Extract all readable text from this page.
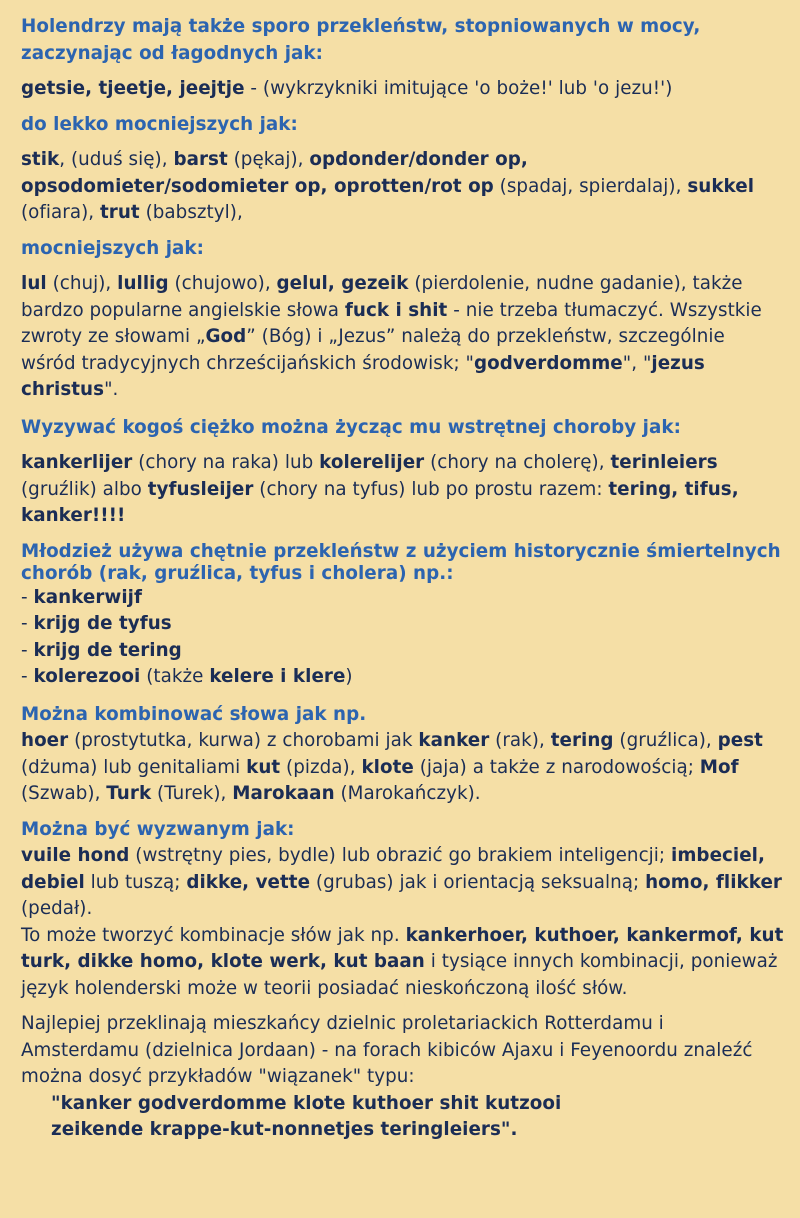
Holendrzy mają także sporo przekleństw, stopniowanych w mocy, zaczynając od łagodnych jak:

getsie, tjeetje, jeejtje - (wykrzykniki imitujące 'o boże!' lub 'o jezu!')

do lekko mocniejszych jak:

stik, (uduś się), barst (pękaj), opdonder/donder op, opsodomieter/sodomieter op, oprotten/rot op (spadaj, spierdalaj), sukkel (ofiara), trut (babsztyl),

mocniejszych jak:

lul (chuj), lullig (chujowo), gelul, gezeik (pierdolenie, nudne gadanie), także bardzo popularne angielskie słowa fuck i shit - nie trzeba tłumaczyć. Wszystkie zwroty ze słowami „God” (Bóg) i „Jezus” należą do przekleństw, szczególnie wśród tradycyjnych chrześcijańskich środowisk; "godverdomme", "jezus christus".

Wyzywać kogoś ciężko można życząc mu wstrętnej choroby jak:

kankerlijer (chory na raka) lub kolerelijer (chory na cholerę), terinleiers (gruźlik) albo tyfusleijer (chory na tyfus) lub po prostu razem: tering, tifus, kanker!!!!

Młodzież używa chętnie przekleństw z użyciem historycznie śmiertelnych chorób (rak, gruźlica, tyfus i cholera) np.:

- kankerwijf

- krijg de tyfus

- krijg de tering

- kolerezooi (także kelere i klere)

Można kombinować słowa jak np.

hoer (prostytutka, kurwa) z chorobami jak kanker (rak), tering (gruźlica), pest (dżuma) lub genitaliami kut (pizda), klote (jaja) a także z narodowością; Mof (Szwab), Turk (Turek), Marokaan (Marokańczyk).

Można być wyzwanym jak:

vuile hond (wstrętny pies, bydle) lub obrazić go brakiem inteligencji; imbeciel, debiel lub tuszą; dikke, vette (grubas) jak i orientacją seksualną; homo, flikker (pedał).

To może tworzyć kombinacje słów jak np. kankerhoer, kuthoer, kankermof, kut turk, dikke homo, klote werk, kut baan i tysiące innych kombinacji, ponieważ język holenderski może w teorii posiadać nieskończoną ilość słów.

Najlepiej przeklinają mieszkańcy dzielnic proletariackich Rotterdamu i Amsterdamu (dzielnica Jordaan) - na forach kibiców Ajaxu i Feyenoordu znaleźć można dosyć przykładów "wiązanek" typu:

"kanker godverdomme klote kuthoer shit kutzooi

zeikende krappe-kut-nonnetjes teringleiers".
